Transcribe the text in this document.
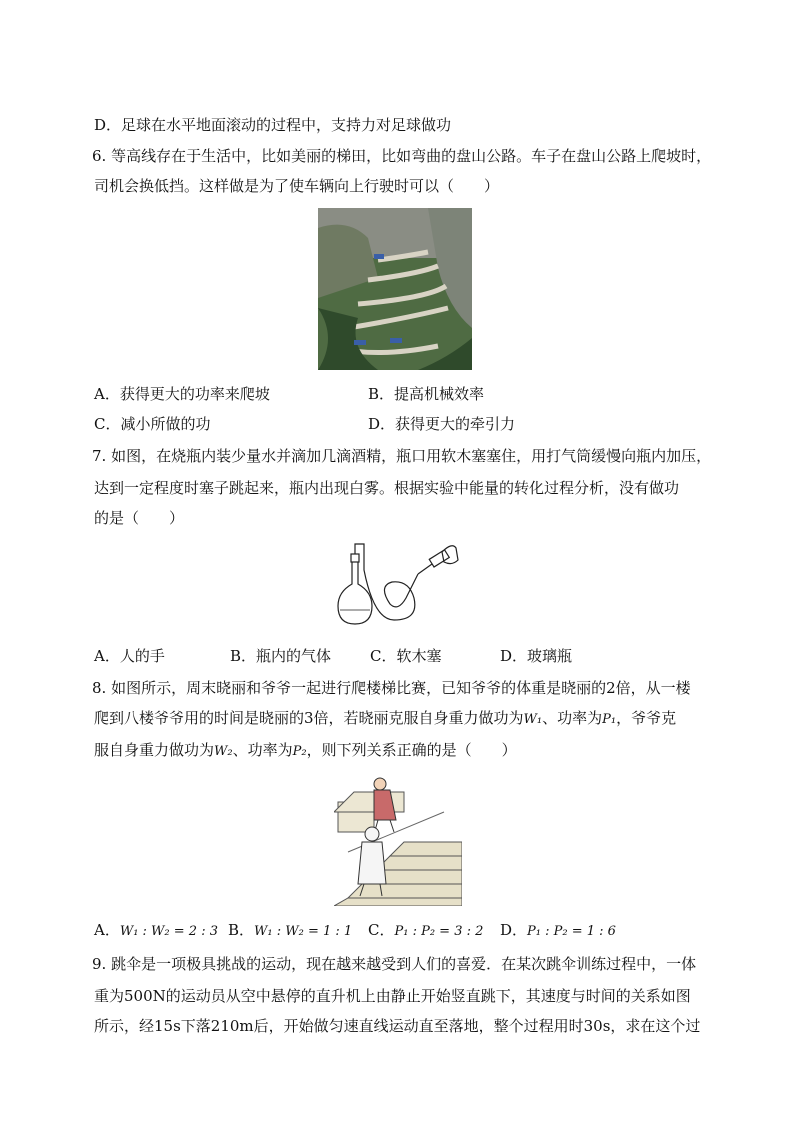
D．足球在水平地面滚动的过程中，支持力对足球做功
6. 等高线存在于生活中，比如美丽的梯田，比如弯曲的盘山公路。车子在盘山公路上爬坡时，
司机会换低挡。这样做是为了使车辆向上行驶时可以（　　）
A．获得更大的功率来爬坡	B．提高机械效率
C．减小所做的功	D．获得更大的牵引力
7. 如图，在烧瓶内装少量水并滴加几滴酒精，瓶口用软木塞塞住，用打气筒缓慢向瓶内加压，
达到一定程度时塞子跳起来，瓶内出现白雾。根据实验中能量的转化过程分析，没有做功
的是（　　）
A．人的手	B．瓶内的气体	C．软木塞	D．玻璃瓶
8. 如图所示，周末晓丽和爷爷一起进行爬楼梯比赛，已知爷爷的体重是晓丽的2倍，从一楼
爬到八楼爷爷用的时间是晓丽的3倍，若晓丽克服自身重力做功为W₁、功率为P₁，爷爷克
服自身重力做功为W₂、功率为P₂，则下列关系正确的是（　　）
A．W₁ : W₂ = 2 : 3 B．W₁ : W₂ = 1 : 1 C．P₁ : P₂ = 3 : 2 D．P₁ : P₂ = 1 : 6
9. 跳伞是一项极具挑战的运动，现在越来越受到人们的喜爱．在某次跳伞训练过程中，一体
重为500N的运动员从空中悬停的直升机上由静止开始竖直跳下，其速度与时间的关系如图
所示，经15s下落210m后，开始做匀速直线运动直至落地，整个过程用时30s，求在这个过
